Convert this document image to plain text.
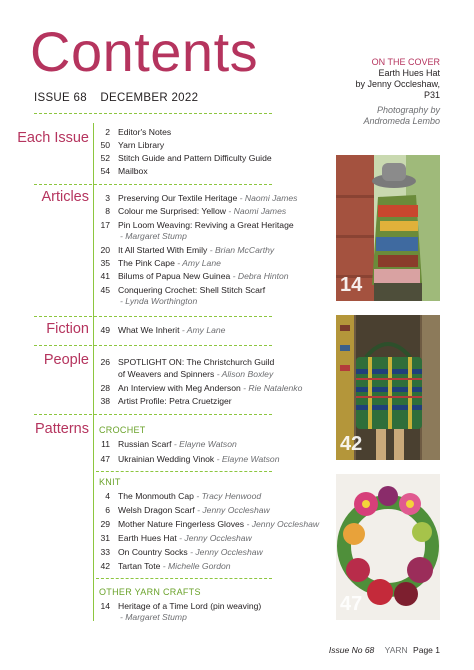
Contents
ISSUE 68 DECEMBER 2022
ON THE COVER
Earth Hues Hat
by Jenny Occleshaw,
P31
Photography by
Andromeda Lembo
Each Issue	2 Editor's Notes
50 Yarn Library
52 Stitch Guide and Pattern Difficulty Guide
54 Mailbox
Articles	3 Preserving Our Textile Heritage - Naomi James
8 Colour me Surprised: Yellow - Naomi James
17 Pin Loom Weaving: Reviving a Great Heritage
- Margaret Stump
20 It All Started With Emily - Brian McCarthy
35 The Pink Cape - Amy Lane
41 Bilums of Papua New Guinea - Debra Hinton
45 Conquering Crochet: Shell Stitch Scarf
- Lynda Worthington
Fiction	49 What We Inherit - Amy Lane
People	26 SPOTLIGHT ON: The Christchurch Guild
of Weavers and Spinners - Alison Boxley
28 An Interview with Meg Anderson - Rie Natalenko
38 Artist Profile: Petra Cruetziger
Patterns CROCHET
11 Russian Scarf - Elayne Watson
47 Ukrainian Wedding Vinok - Elayne Watson
KNIT
4 The Monmouth Cap - Tracy Henwood
6 Welsh Dragon Scarf - Jenny Occleshaw
29 Mother Nature Fingerless Gloves - Jenny Occleshaw
31 Earth Hues Hat - Jenny Occleshaw
33 On Country Socks - Jenny Occleshaw
42 Tartan Tote - Michelle Gordon
OTHER YARN CRAFTS
14 Heritage of a Time Lord (pin weaving)
- Margaret Stump
14
42
47
Issue No 68 YARN Page 1
